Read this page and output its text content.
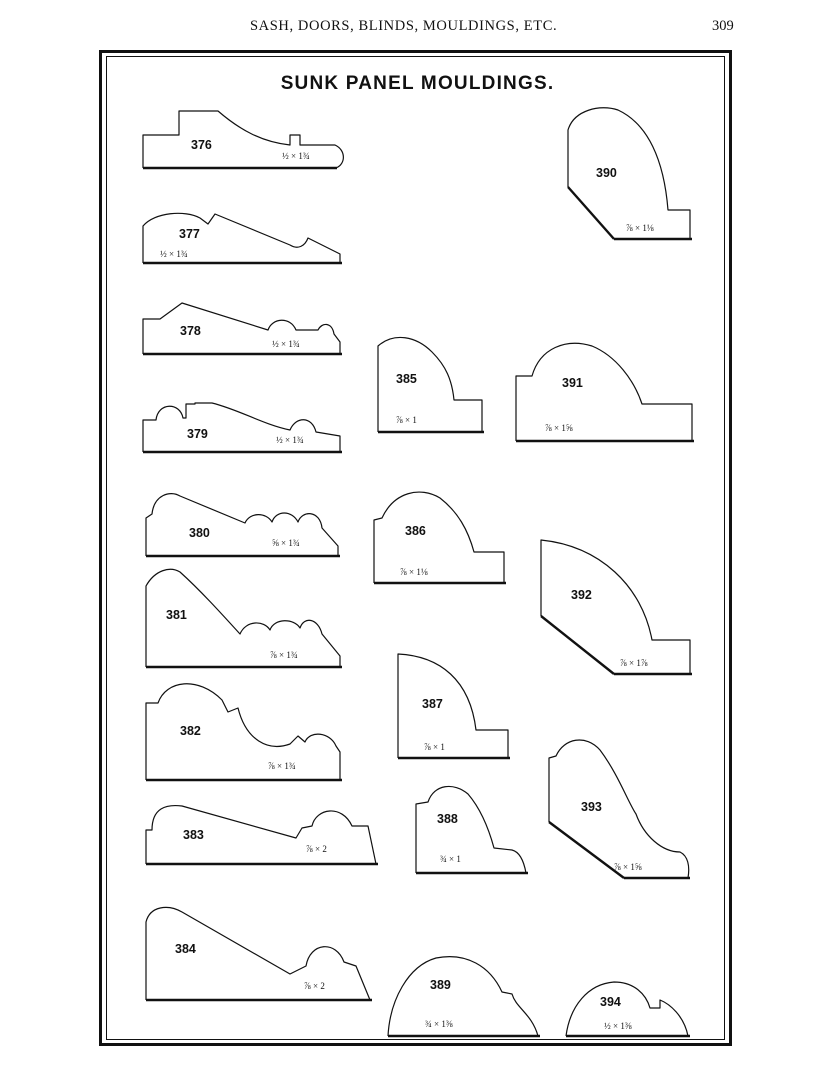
SASH, DOORS, BLINDS, MOULDINGS, ETC.	309
SUNK PANEL MOULDINGS.
376
½ × 1¾
377
½ × 1¾
378
½ × 1¾
379	½ × 1¾
380
⅝ × 1¾
381
⅞ × 1¾
382
⅞ × 1¾
383
⅞ × 2
384
⅞ × 2
385
⅞ × 1
386
⅞ × 1⅛
387
⅞ × 1
388
¾ × 1
389
¾ × 1⅜
390
⅞ × 1⅛
391
⅞ × 1⅝
392
⅞ × 1⅞
393
⅞ × 1⅝
394
½ × 1⅜
